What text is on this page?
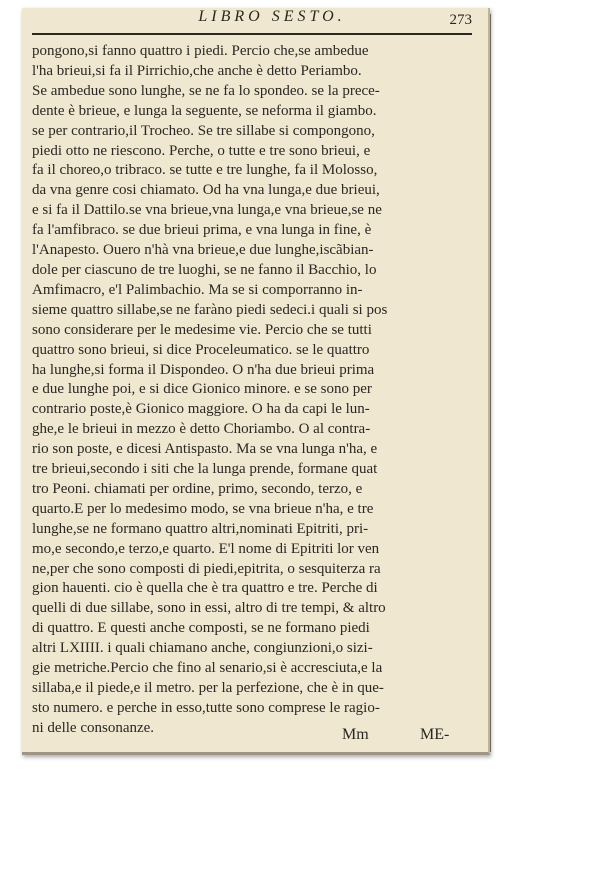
LIBRO SESTO.	273
pongono,si fanno quattro i piedi. Percio che,se ambedue
l'ha brieui,si fa il Pirrichio,che anche è detto Periambo.
Se ambedue sono lunghe, se ne fa lo spondeo. se la prece-
dente è brieue, e lunga la seguente, se neforma il giambo.
se per contrario,il Trocheo. Se tre sillabe si compongono,
piedi otto ne riescono. Perche, o tutte e tre sono brieui, e
fa il choreo,o tribraco. se tutte e tre lunghe, fa il Molosso,
da vna genre cosi chiamato. Od ha vna lunga,e due brieui,
e si fa il Dattilo.se vna brieue,vna lunga,e vna brieue,se ne
fa l'amfibraco. se due brieui prima, e vna lunga in fine, è
l'Anapesto. Ouero n'hà vna brieue,e due lunghe,iscãbian-
dole per ciascuno de tre luoghi, se ne fanno il Bacchio, lo
Amfimacro, e'l Palimbachio. Ma se si comporranno in-
sieme quattro sillabe,se ne faràno piedi sedeci.i quali si pos
sono considerare per le medesime vie. Percio che se tutti
quattro sono brieui, si dice Proceleumatico. se le quattro
ha lunghe,si forma il Dispondeo. O n'ha due brieui prima
e due lunghe poi, e si dice Gionico minore. e se sono per
contrario poste,è Gionico maggiore. O ha da capi le lun-
ghe,e le brieui in mezzo è detto Choriambo. O al contra-
rio son poste, e dicesi Antispasto. Ma se vna lunga n'ha, e
tre brieui,secondo i siti che la lunga prende, formane quat
tro Peoni. chiamati per ordine, primo, secondo, terzo, e
quarto.E per lo medesimo modo, se vna brieue n'ha, e tre
lunghe,se ne formano quattro altri,nominati Epitriti, pri-
mo,e secondo,e terzo,e quarto. E'l nome di Epitriti lor ven
ne,per che sono composti di piedi,epitrita, o sesquiterza ra
gion hauenti. cio è quella che è tra quattro e tre. Perche di
quelli di due sillabe, sono in essi, altro di tre tempi, & altro
di quattro. E questi anche composti, se ne formano piedi
altri LXIIII. i quali chiamano anche, congiunzioni,o sizi-
gie metriche.Percio che fino al senario,si è accresciuta,e la
sillaba,e il piede,e il metro. per la perfezione, che è in que-
sto numero. e perche in esso,tutte sono comprese le ragio-
ni delle consonanze.	Mm	ME-
